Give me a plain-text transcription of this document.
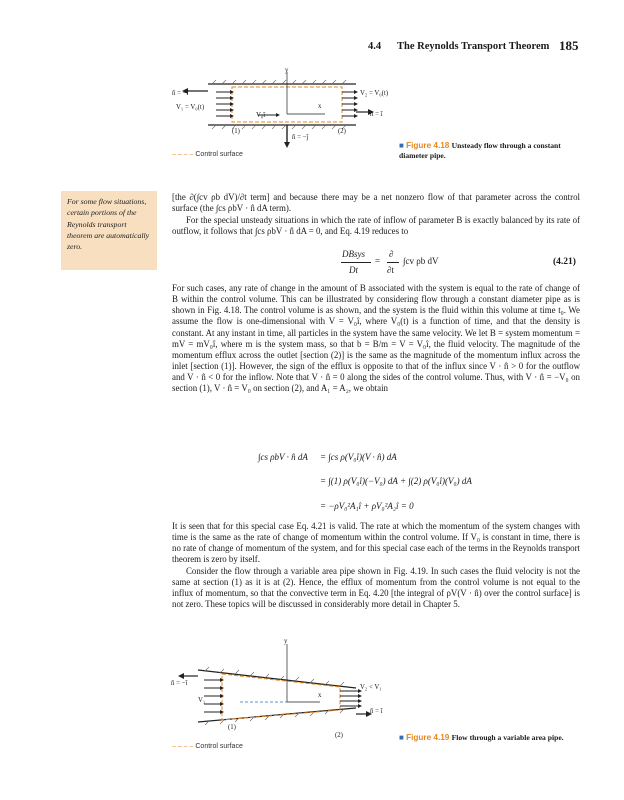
4.4 The Reynolds Transport Theorem 185
y
x
n̂ = −î
V₁ = V₀(t)
V₀î
V₂ = V₀(t)
n̂ = î
n̂ = −ĵ
(1)	(2)
– – – – Control surface
■ Figure 4.18 Unsteady flow through a constant diameter pipe.
For some flow situations, certain portions of the Reynolds transport theorem are automatically zero.

[the ∂(∫cv ρb dV)/∂t term] and because there may be a net nonzero flow of that parameter across the control surface (the ∫cs ρbV · n̂ dA term).

For the special unsteady situations in which the rate of inflow of parameter B is exactly balanced by its rate of outflow, it follows that ∫cs ρbV · n̂ dA = 0, and Eq. 4.19 reduces to

DBsys
Dt
=
∂
∂t
∫cv ρb dV	(4.21)

For such cases, any rate of change in the amount of B associated with the system is equal to the rate of change of B within the control volume. This can be illustrated by considering flow through a constant diameter pipe as is shown in Fig. 4.18. The control volume is as shown, and the system is the fluid within this volume at time t₀. We assume the flow is one-dimensional with V = V₀î, where V₀(t) is a function of time, and that the density is constant. At any instant in time, all particles in the system have the same velocity. We let B = system momentum = mV = mV₀î, where m is the system mass, so that b = B/m = V = V₀î, the fluid velocity. The magnitude of the momentum efflux across the outlet [section (2)] is the same as the magnitude of the momentum influx across the inlet [section (1)]. However, the sign of the efflux is opposite to that of the influx since V · n̂ > 0 for the outflow and V · n̂ < 0 for the inflow. Note that V · n̂ = 0 along the sides of the control volume. Thus, with V · n̂ = −V₀ on section (1), V · n̂ = V₀ on section (2), and A₁ = A₂, we obtain

∫cs ρbV · n̂ dA = ∫cs ρ(V₀î)(V · n̂) dA
= ∫(1) ρ(V₀î)(−V₀) dA + ∫(2) ρ(V₀î)(V₀) dA
= −ρV₀²A₁î + ρV₀²A₂î = 0

It is seen that for this special case Eq. 4.21 is valid. The rate at which the momentum of the system changes with time is the same as the rate of change of momentum within the control volume. If V₀ is constant in time, there is no rate of change of momentum of the system, and for this special case each of the terms in the Reynolds transport theorem is zero by itself.

Consider the flow through a variable area pipe shown in Fig. 4.19. In such cases the fluid velocity is not the same at section (1) as it is at (2). Hence, the efflux of momentum from the control volume is not equal to the influx of momentum, so that the convective term in Eq. 4.20 [the integral of ρV(V · n̂) over the control surface] is not zero. These topics will be discussed in considerably more detail in Chapter 5.

y
x
n̂ = −î
V₁
V₂ < V₁
n̂ = î
(1)
(2)
– – – – Control surface
■ Figure 4.19 Flow through a variable area pipe.
